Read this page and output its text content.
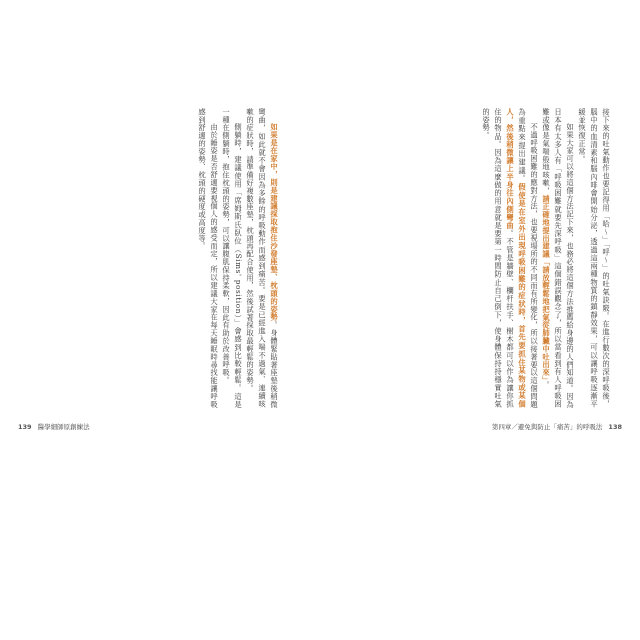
如果是在家中，則是建議採取抱住沙發座墊、枕頭的姿勢。身體緊貼著座墊後稍微彎曲，如此就不會因為多餘的呼吸動作而感到痛苦。要是已經進入喘不過氣、連續咳嗽的症狀時，請準備好複數座墊，枕頭再配合使用，然後試著採取最輕鬆的姿勢。

側躺時，建議使用「席姆斯氏臥位（Sims' position）」會感到比較輕鬆。這是一種在側躺時，抱住枕頭的姿勢，可以讓腹肌保持柔軟，因此有助於改善呼吸。

由於睡姿是否舒適要視個人的感受而定，所以建議大家在每天睡眠時尋找能讓呼吸感到舒適的姿勢、枕頭的硬度或高度等。	接下來的吐氣動作也要記得用「哈～」「呼～」的吐氣訣竅。在進行數次的深呼吸後，腦中的血清素和腦內啡會開始分泌，透過這兩種物質的鎮靜效果，可以讓呼吸逐漸平緩並恢復正常。

如果大家可以將這個方法記下來，也務必將這個方法推薦給身邊的人們知道。因為日本有太多人有「呼吸困難就要先深呼吸」這個錯誤觀念了，所以當看到有人呼吸困難或像是氣喘般地咳嗽，請正確地提出建議「請放輕鬆地把氣從肺臟中吐出來」。

不過呼吸困難的應對方法，也要視場所的不同而有所變化，所以接著要以這個問題為重點來提出建議。假使是在室外出現呼吸困難的症狀時，首先要抓住某物或某個人，然後稍微讓上半身往內側彎曲。不管是牆壁、欄杆扶手、樹木都可以作為讓你抓住的物品。因為這麼做的用意就是要第一時間防止自己倒下，使身體保持持穩實吐氣的姿勢。

139 醫學細師原創練法	第四章／避免與防止「痛苦」的呼吸法 138
